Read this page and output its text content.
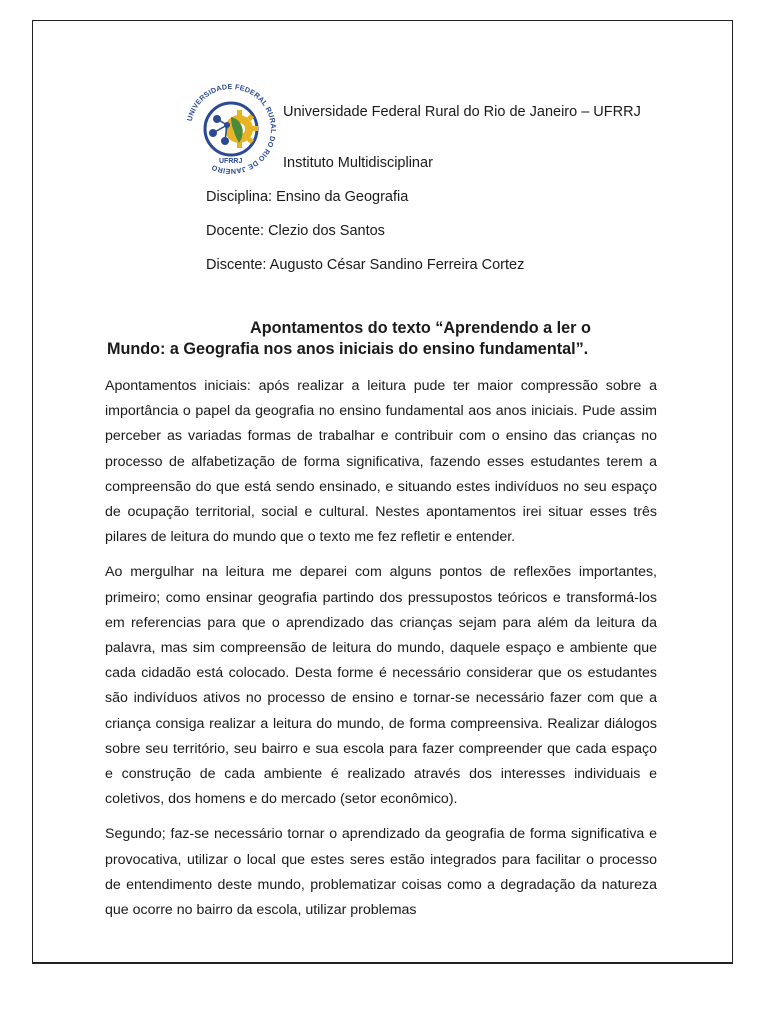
UNIVERSIDADE FEDERAL RURAL DO RIO DE JANEIRO
UFRRJ
Universidade Federal Rural do Rio de Janeiro – UFRRJ
Instituto Multidisciplinar
Disciplina: Ensino da Geografia
Docente: Clezio dos Santos
Discente: Augusto César Sandino Ferreira Cortez
Apontamentos do texto “Aprendendo a ler o
Mundo: a Geografia nos anos iniciais do ensino fundamental”.

Apontamentos iniciais: após realizar a leitura pude ter maior compressão sobre a importância o papel da geografia no ensino fundamental aos anos iniciais. Pude assim perceber as variadas formas de trabalhar e contribuir com o ensino das crianças no processo de alfabetização de forma significativa, fazendo esses estudantes terem a compreensão do que está sendo ensinado, e situando estes indivíduos no seu espaço de ocupação territorial, social e cultural. Nestes apontamentos irei situar esses três pilares de leitura do mundo que o texto me fez refletir e entender.

Ao mergulhar na leitura me deparei com alguns pontos de reflexões importantes, primeiro; como ensinar geografia partindo dos pressupostos teóricos e transformá-los em referencias para que o aprendizado das crianças sejam para além da leitura da palavra, mas sim compreensão de leitura do mundo, daquele espaço e ambiente que cada cidadão está colocado. Desta forme é necessário considerar que os estudantes são indivíduos ativos no processo de ensino e tornar-se necessário fazer com que a criança consiga realizar a leitura do mundo, de forma compreensiva. Realizar diálogos sobre seu território, seu bairro e sua escola para fazer compreender que cada espaço e construção de cada ambiente é realizado através dos interesses individuais e coletivos, dos homens e do mercado (setor econômico).

Segundo; faz-se necessário tornar o aprendizado da geografia de forma significativa e provocativa, utilizar o local que estes seres estão integrados para facilitar o processo de entendimento deste mundo, problematizar coisas como a degradação da natureza que ocorre no bairro da escola, utilizar problemas
